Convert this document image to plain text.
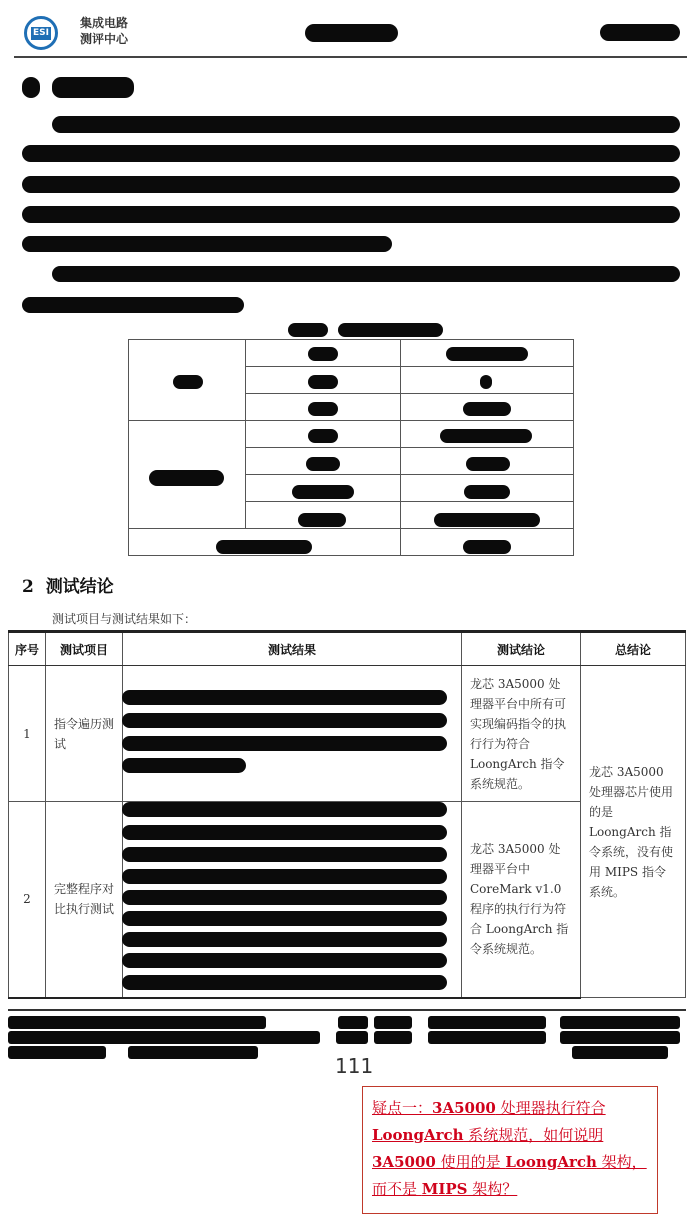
ESI
集成电路
测评中心

2 测试结论
测试项目与测试结果如下：
序号	测试项目	测试结果	测试结论	总结论
1	指令遍历测试		龙芯 3A5000 处理器平台中所有可实现编码指令的执行行为符合 LoongArch 指令系统规范。	龙芯 3A5000 处理器芯片使用的是 LoongArch 指令系统，没有使用 MIPS 指令系统。
2	完整程序对比执行测试		龙芯 3A5000 处理器平台中 CoreMark v1.0 程序的执行行为符合 LoongArch 指令系统规范。	
111
疑点一：3A5000 处理器执行符合 LoongArch 系统规范，如何说明 3A5000 使用的是 LoongArch 架构，而不是 MIPS 架构？
